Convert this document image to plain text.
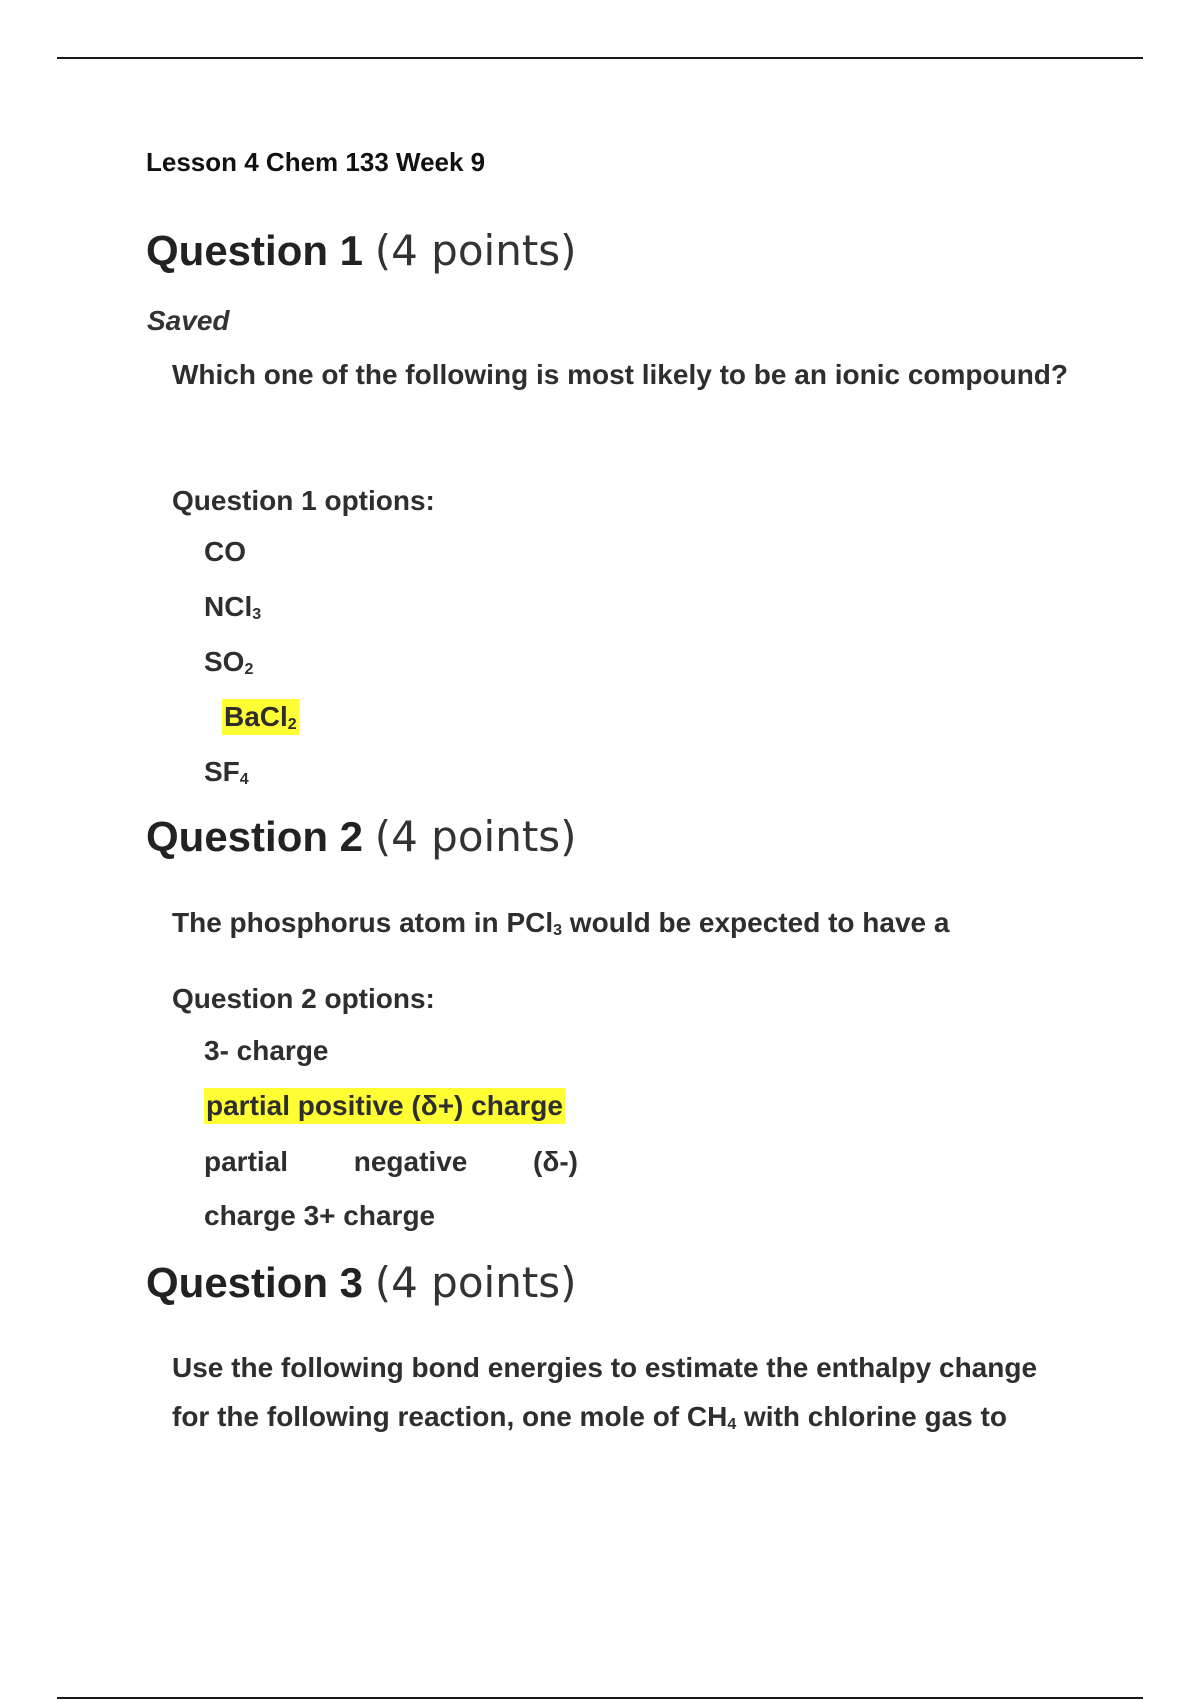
Lesson 4 Chem 133 Week 9
Question 1 (4 points)
Saved
Which one of the following is most likely to be an ionic compound?
Question 1 options:
CO
NCl$_3$
$SO_2$
BaCl$_2$
$SF_4$
Question 2 (4 points)
The phosphorus atom in PCl$_3$ would be expected to have a
Question 2 options:
3- charge
partial positive (δ+) charge
partial negative (δ-)
charge 3+ charge
Question 3 (4 points)
Use the following bond energies to estimate the enthalpy change
for the following reaction, one mole of $CH_4$ with chlorine gas to
